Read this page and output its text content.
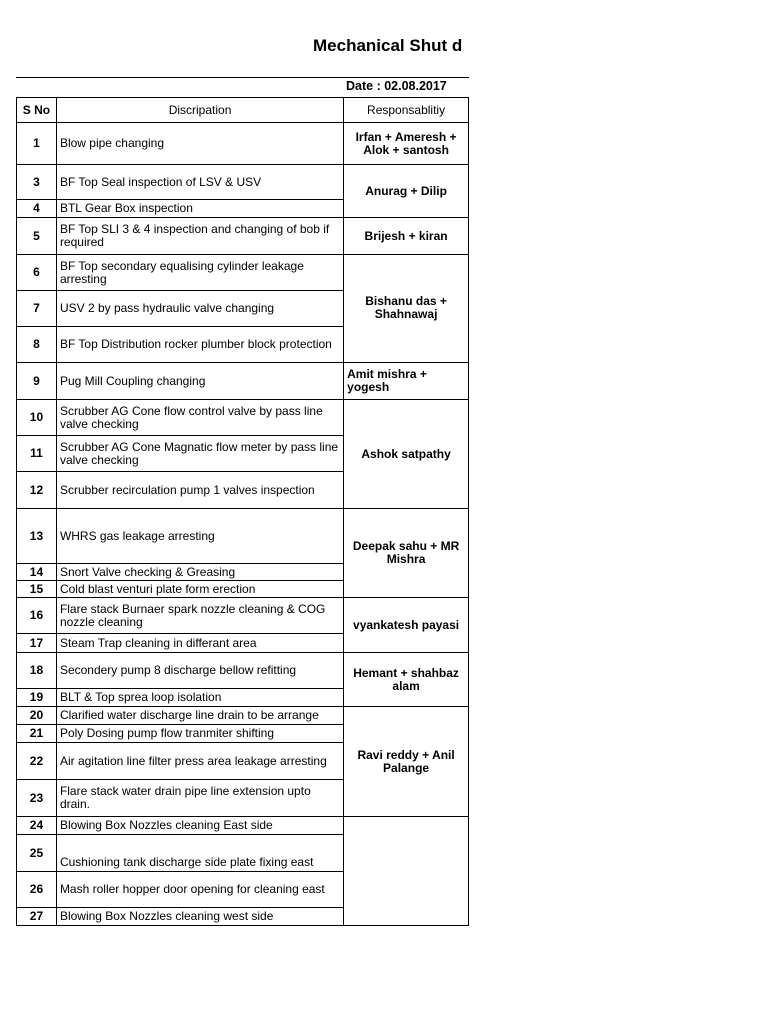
Mechanical Shut d
Date : 02.08.2017
S No	Discripation	Responsablitiy
1	Blow pipe changing	Irfan + Ameresh + Alok + santosh
3	BF Top Seal inspection of LSV & USV	Anurag + Dilip
4	BTL Gear Box inspection	
5	BF Top SLI 3 & 4 inspection and changing of bob if required	Brijesh + kiran
6	BF Top secondary equalising cylinder leakage arresting	Bishanu das + Shahnawaj
7	USV 2 by pass hydraulic valve changing	
8	BF Top Distribution rocker plumber block protection	
9	Pug Mill Coupling changing	Amit mishra + yogesh
10	Scrubber AG Cone flow control valve by pass line valve checking	Ashok satpathy
11	Scrubber AG Cone Magnatic flow meter by pass line valve checking	
12	Scrubber recirculation pump 1 valves inspection	
13	WHRS gas leakage arresting	Deepak sahu + MR Mishra
14	Snort Valve checking & Greasing	
15	Cold blast venturi plate form erection	
16	Flare stack Burnaer spark nozzle cleaning & COG nozzle cleaning	vyankatesh payasi
17	Steam Trap cleaning in differant area	
18	Secondery pump 8 discharge bellow refitting	Hemant + shahbaz alam
19	BLT & Top sprea loop isolation	
20	Clarified water discharge line drain to be arrange	Ravi reddy + Anil Palange
21	Poly Dosing pump flow tranmiter shifting	
22	Air agitation line filter press area leakage arresting	
23	Flare stack water drain pipe line extension upto drain.	
24	Blowing Box Nozzles cleaning East side	
25	Cushioning tank discharge side plate fixing east	
26	Mash roller hopper door opening for cleaning east	
27	Blowing Box Nozzles cleaning west side	
